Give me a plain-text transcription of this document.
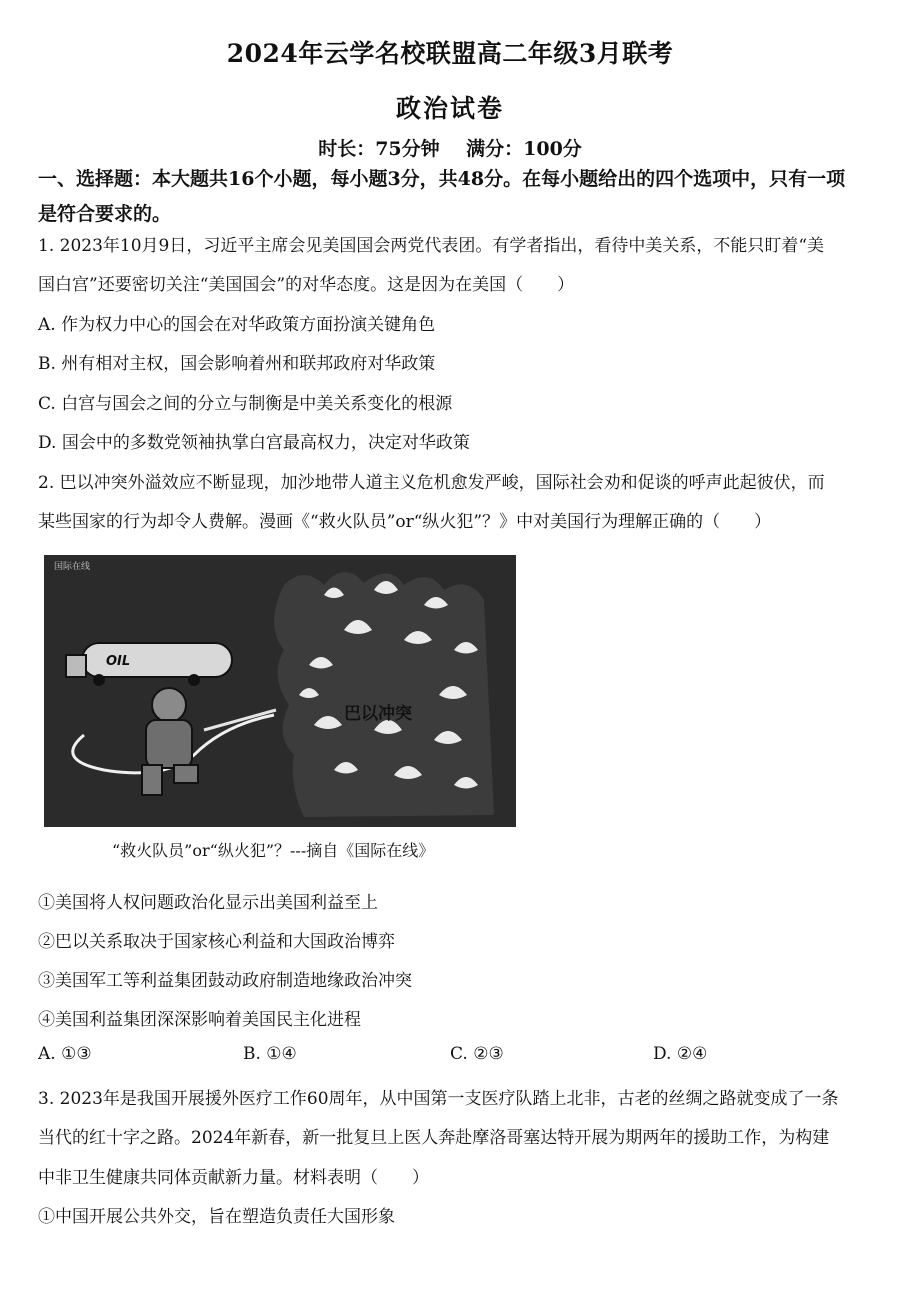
2024年云学名校联盟高二年级3月联考
政治试卷
时长：75分钟 满分：100分
一、选择题：本大题共16个小题，每小题3分，共48分。在每小题给出的四个选项中，只有一项是符合要求的。
1. 2023年10月9日，习近平主席会见美国国会两党代表团。有学者指出，看待中美关系，不能只盯着“美
国白宫”还要密切关注“美国国会”的对华态度。这是因为在美国（　　）
A. 作为权力中心的国会在对华政策方面扮演关键角色
B. 州有相对主权，国会影响着州和联邦政府对华政策
C. 白宫与国会之间的分立与制衡是中美关系变化的根源
D. 国会中的多数党领袖执掌白宫最高权力，决定对华政策
2. 巴以冲突外溢效应不断显现，加沙地带人道主义危机愈发严峻，国际社会劝和促谈的呼声此起彼伏，而
某些国家的行为却令人费解。漫画《“救火队员”or“纵火犯”？》中对美国行为理解正确的（　　）
巴以冲突
OIL
国际在线
“救火队员”or“纵火犯”？---摘自《国际在线》
①美国将人权问题政治化显示出美国利益至上
②巴以关系取决于国家核心利益和大国政治博弈
③美国军工等利益集团鼓动政府制造地缘政治冲突
④美国利益集团深深影响着美国民主化进程
A. ①③	B. ①④	C. ②③	D. ②④
3. 2023年是我国开展援外医疗工作60周年，从中国第一支医疗队踏上北非，古老的丝绸之路就变成了一条
当代的红十字之路。2024年新春，新一批复旦上医人奔赴摩洛哥塞达特开展为期两年的援助工作，为构建
中非卫生健康共同体贡献新力量。材料表明（　　）
①中国开展公共外交，旨在塑造负责任大国形象
